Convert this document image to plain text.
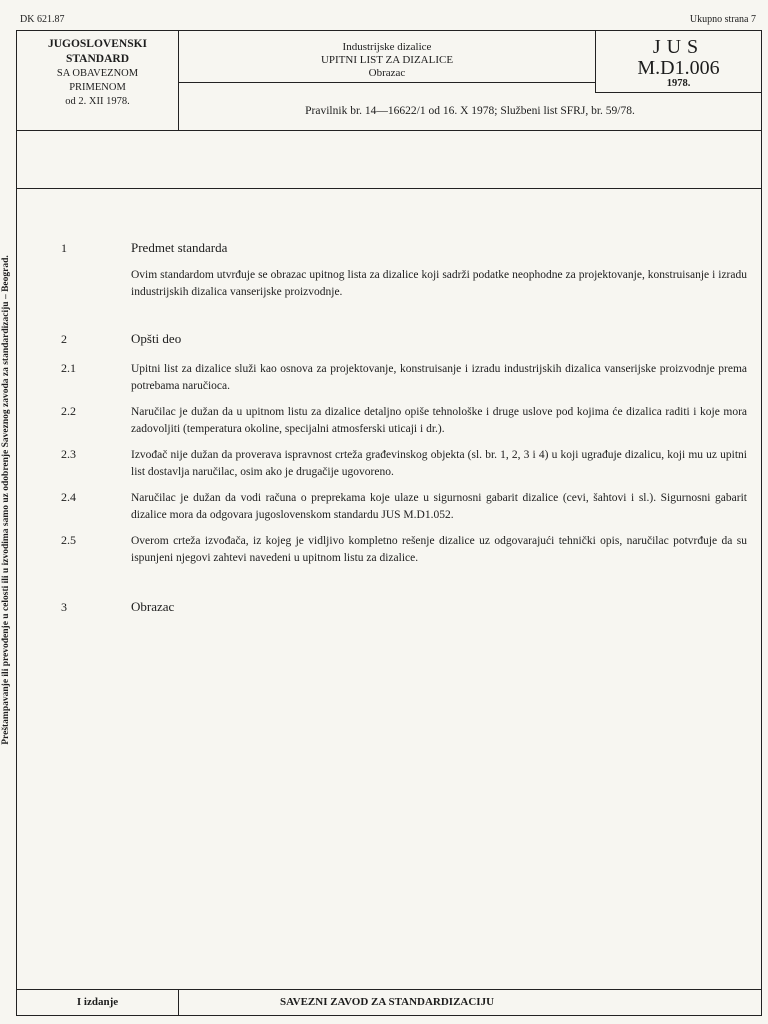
DK 621.87	Ukupno strana 7
Preštampavanje ili prevođenje u celosti ili u izvodima samo uz odobrenje Saveznog zavoda za standardizaciju – Beograd.
JUGOSLOVENSKI
STANDARD
SA OBAVEZNOM
PRIMENOM
od 2. XII 1978.
Industrijske dizalice
UPITNI LIST ZA DIZALICE
Obrazac
JUS
M.D1.006
1978.
Pravilnik br. 14—16622/1 od 16. X 1978; Službeni list SFRJ, br. 59/78.
1	Predmet standarda
Ovim standardom utvrđuje se obrazac upitnog lista za dizalice koji sadrži podatke neophodne za projektovanje, konstruisanje i izradu industrijskih dizalica vanserijske proizvodnje.
2	Opšti deo
2.1	Upitni list za dizalice služi kao osnova za projektovanje, konstruisanje i izradu industrijskih dizalica vanserijske proizvodnje prema potrebama naručioca.
2.2	Naručilac je dužan da u upitnom listu za dizalice detaljno opiše tehnološke i druge uslove pod kojima će dizalica raditi i koje mora zadovoljiti (temperatura okoline, specijalni atmosferski uticaji i dr.).
2.3	Izvođač nije dužan da proverava ispravnost crteža građevinskog objekta (sl. br. 1, 2, 3 i 4) u koji ugrađuje dizalicu, koji mu uz upitni list dostavlja naručilac, osim ako je drugačije ugovoreno.
2.4	Naručilac je dužan da vodi računa o preprekama koje ulaze u sigurnosni gabarit dizalice (cevi, šahtovi i sl.). Sigurnosni gabarit dizalice mora da odgovara jugoslovenskom standardu JUS M.D1.052.
2.5	Overom crteža izvođača, iz kojeg je vidljivo kompletno rešenje dizalice uz odgovarajući tehnički opis, naručilac potvrđuje da su ispunjeni njegovi zahtevi navedeni u upitnom listu za dizalice.
3	Obrazac
I izdanje	SAVEZNI ZAVOD ZA STANDARDIZACIJU
